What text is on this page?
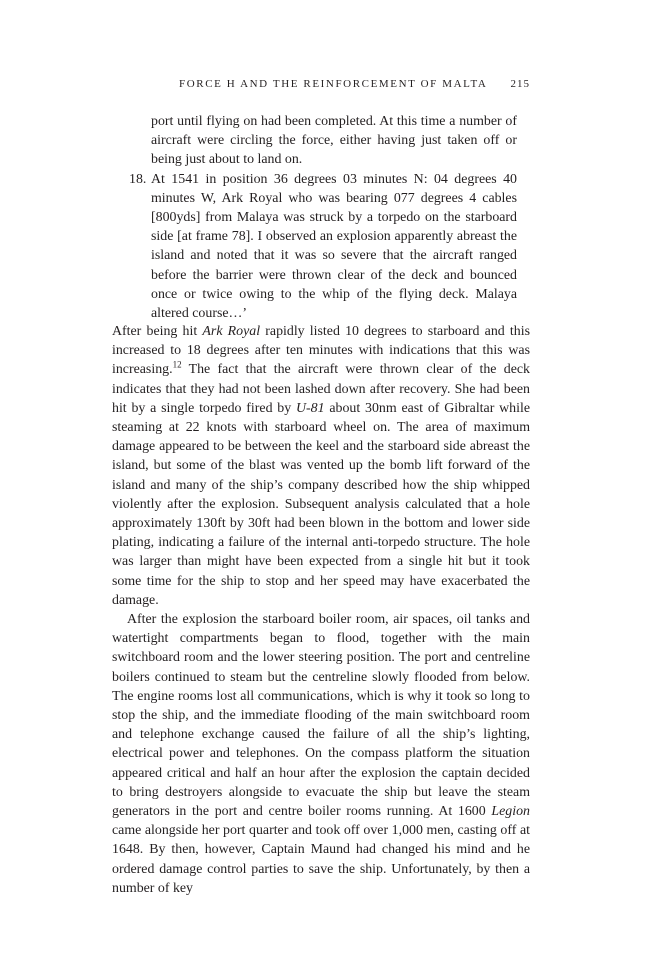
FORCE H AND THE REINFORCEMENT OF MALTA 215

port until flying on had been completed. At this time a number of aircraft were circling the force, either having just taken off or being just about to land on.

18. At 1541 in position 36 degrees 03 minutes N: 04 degrees 40 minutes W, Ark Royal who was bearing 077 degrees 4 cables [800yds] from Malaya was struck by a torpedo on the starboard side [at frame 78]. I observed an explosion apparently abreast the island and noted that it was so severe that the aircraft ranged before the barrier were thrown clear of the deck and bounced once or twice owing to the whip of the flying deck. Malaya altered course…’

After being hit Ark Royal rapidly listed 10 degrees to starboard and this increased to 18 degrees after ten minutes with indications that this was increasing.$^{12}$ The fact that the aircraft were thrown clear of the deck indicates that they had not been lashed down after recovery. She had been hit by a single torpedo fired by U-81 about 30nm east of Gibraltar while steaming at 22 knots with starboard wheel on. The area of maximum damage appeared to be between the keel and the starboard side abreast the island, but some of the blast was vented up the bomb lift forward of the island and many of the ship’s company described how the ship whipped violently after the explosion. Subsequent analysis calculated that a hole approximately 130ft by 30ft had been blown in the bottom and lower side plating, indicating a failure of the internal anti-torpedo structure. The hole was larger than might have been expected from a single hit but it took some time for the ship to stop and her speed may have exacerbated the damage.

After the explosion the starboard boiler room, air spaces, oil tanks and watertight compartments began to flood, together with the main switchboard room and the lower steering position. The port and centreline boilers continued to steam but the centreline slowly flooded from below. The engine rooms lost all communications, which is why it took so long to stop the ship, and the immediate flooding of the main switchboard room and telephone exchange caused the failure of all the ship’s lighting, electrical power and telephones. On the compass platform the situation appeared critical and half an hour after the explosion the captain decided to bring destroyers alongside to evacuate the ship but leave the steam generators in the port and centre boiler rooms running. At 1600 Legion came alongside her port quarter and took off over 1,000 men, casting off at 1648. By then, however, Captain Maund had changed his mind and he ordered damage control parties to save the ship. Unfortunately, by then a number of key
